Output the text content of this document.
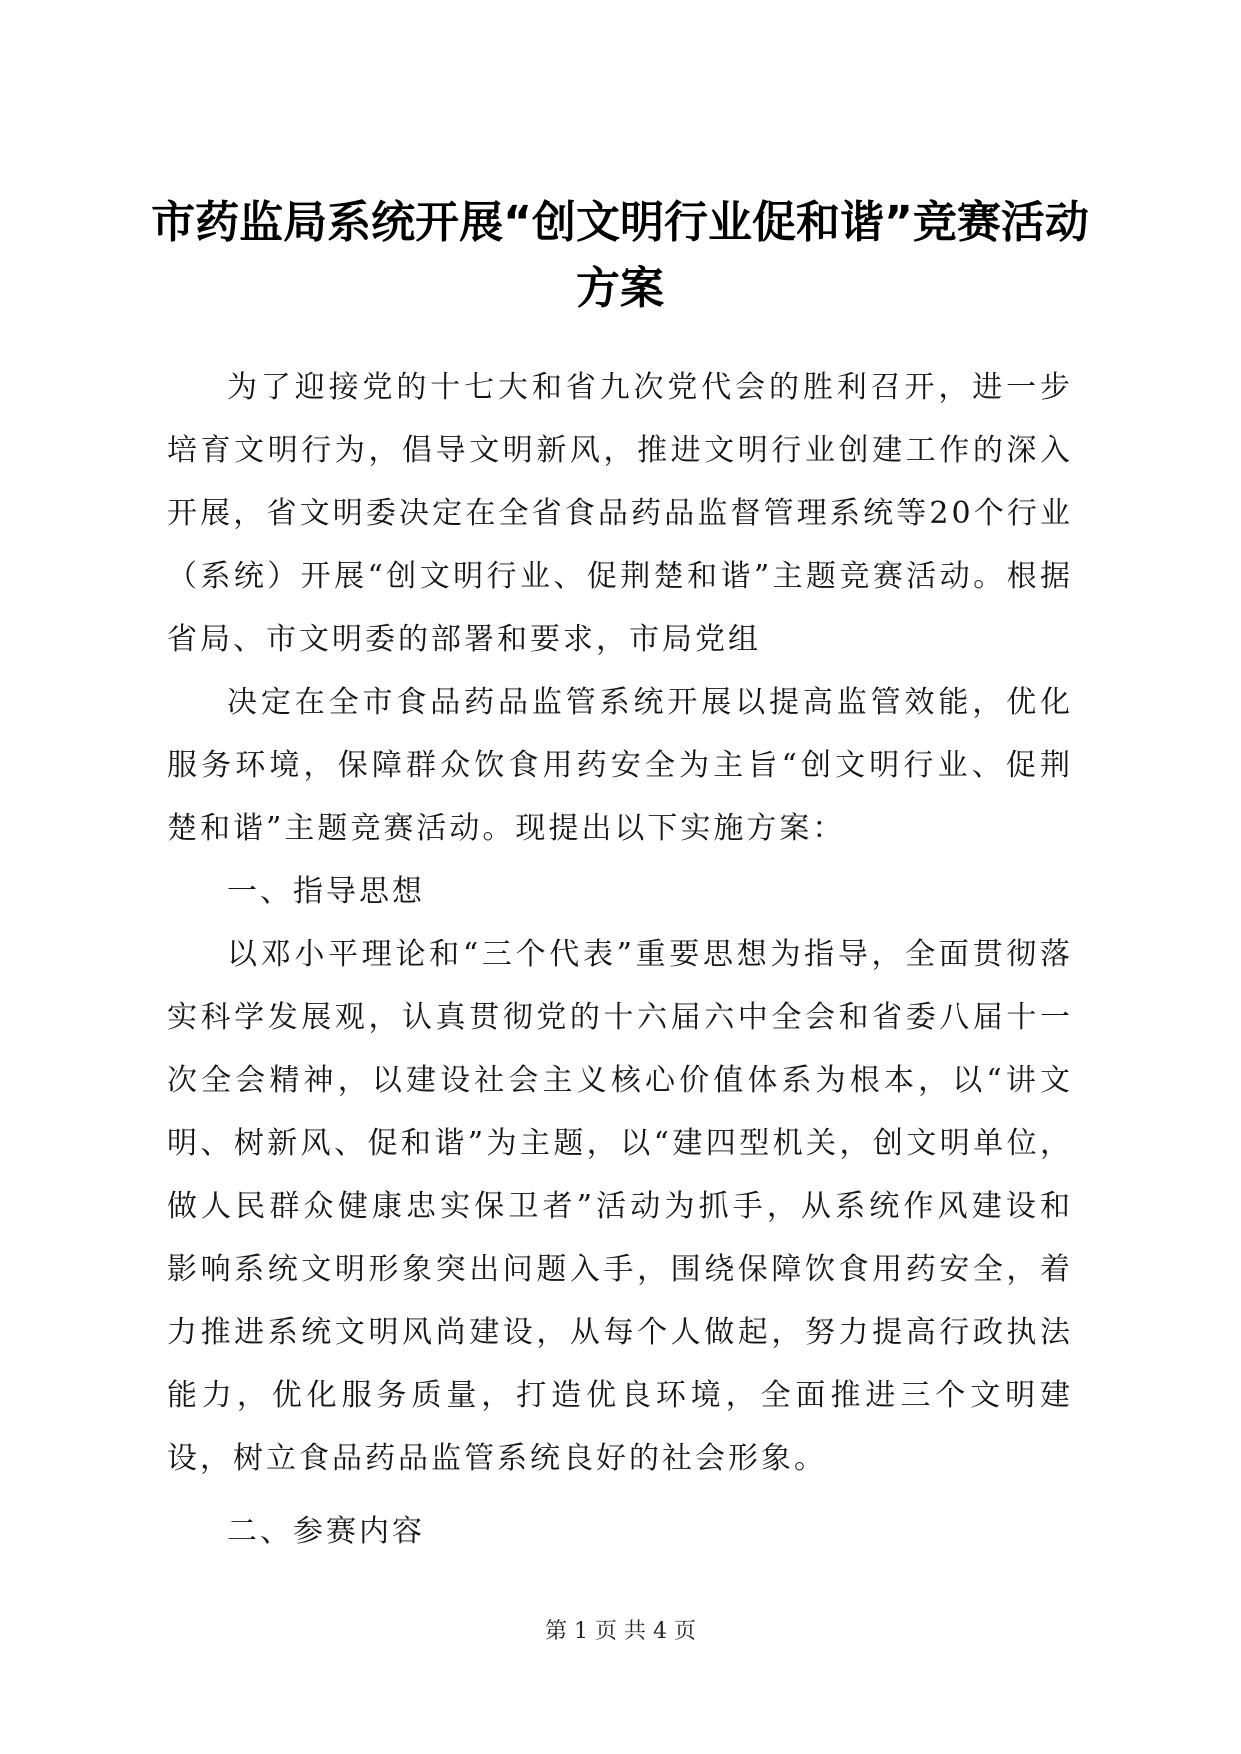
市药监局系统开展“创文明行业促和谐”竞赛活动方案

为了迎接党的十七大和省九次党代会的胜利召开，进一步培育文明行为，倡导文明新风，推进文明行业创建工作的深入开展，省文明委决定在全省食品药品监督管理系统等20个行业（系统）开展“创文明行业、促荆楚和谐”主题竞赛活动。根据省局、市文明委的部署和要求，市局党组

决定在全市食品药品监管系统开展以提高监管效能，优化服务环境，保障群众饮食用药安全为主旨“创文明行业、促荆楚和谐”主题竞赛活动。现提出以下实施方案：

一、指导思想

以邓小平理论和“三个代表”重要思想为指导，全面贯彻落实科学发展观，认真贯彻党的十六届六中全会和省委八届十一次全会精神，以建设社会主义核心价值体系为根本，以“讲文明、树新风、促和谐”为主题，以“建四型机关，创文明单位，做人民群众健康忠实保卫者”活动为抓手，从系统作风建设和影响系统文明形象突出问题入手，围绕保障饮食用药安全，着力推进系统文明风尚建设，从每个人做起，努力提高行政执法能力，优化服务质量，打造优良环境，全面推进三个文明建设，树立食品药品监管系统良好的社会形象。

二、参赛内容

第 1 页 共 4 页
